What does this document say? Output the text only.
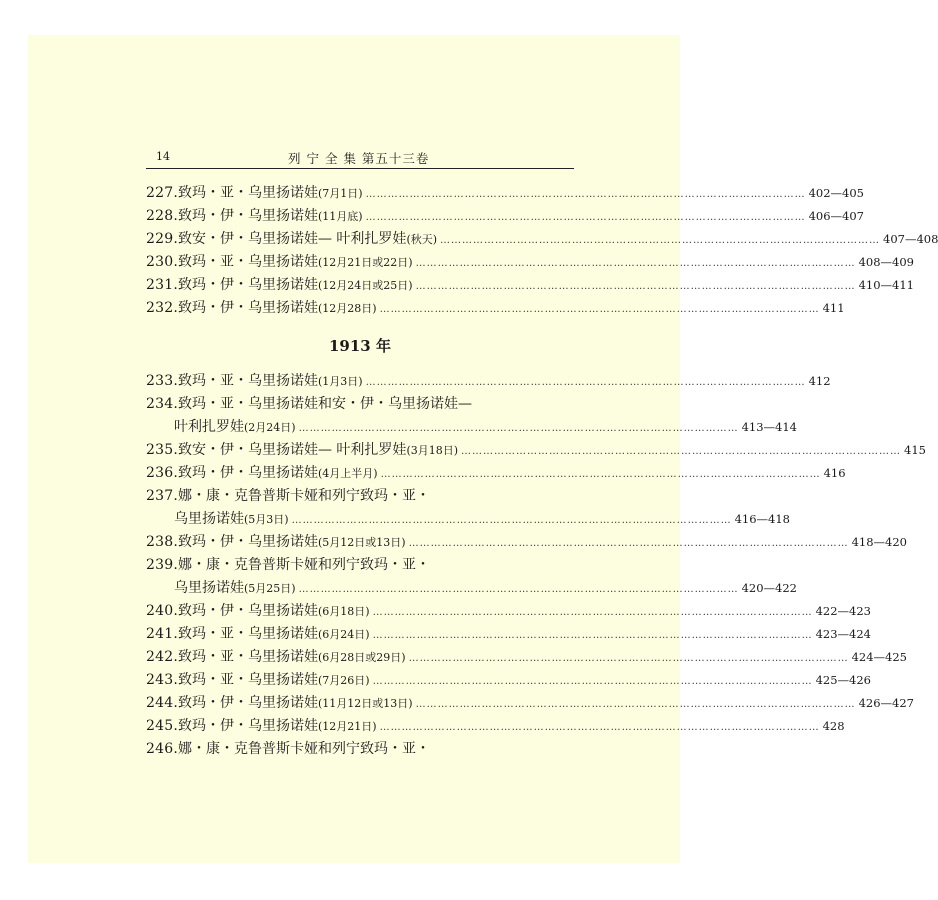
14	列 宁 全 集 第五十三卷
227. 致玛・亚・乌里扬诺娃 (7月1日) ………………………………………………………………………………………………………… 402—405
228. 致玛・伊・乌里扬诺娃 (11月底) ………………………………………………………………………………………………………… 406—407
229. 致安・伊・乌里扬诺娃— 叶利扎罗娃 (秋天) ………………………………………………………………………………………………………… 407—408
230. 致玛・亚・乌里扬诺娃 (12月21日或22日) ………………………………………………………………………………………………………… 408—409
231. 致玛・伊・乌里扬诺娃 (12月24日或25日) ………………………………………………………………………………………………………… 410—411
232. 致玛・伊・乌里扬诺娃 (12月28日) ………………………………………………………………………………………………………… 411
1913 年
233. 致玛・亚・乌里扬诺娃 (1月3日) ………………………………………………………………………………………………………… 412
234. 致玛・亚・乌里扬诺娃和安・伊・乌里扬诺娃—
叶利扎罗娃 (2月24日) ………………………………………………………………………………………………………… 413—414
235. 致安・伊・乌里扬诺娃— 叶利扎罗娃 (3月18日) ………………………………………………………………………………………………………… 415
236. 致玛・伊・乌里扬诺娃 (4月上半月) ………………………………………………………………………………………………………… 416
237. 娜・康・克鲁普斯卡娅和列宁致玛・亚・
乌里扬诺娃 (5月3日) ………………………………………………………………………………………………………… 416—418
238. 致玛・伊・乌里扬诺娃 (5月12日或13日) ………………………………………………………………………………………………………… 418—420
239. 娜・康・克鲁普斯卡娅和列宁致玛・亚・
乌里扬诺娃 (5月25日) ………………………………………………………………………………………………………… 420—422
240. 致玛・伊・乌里扬诺娃 (6月18日) ………………………………………………………………………………………………………… 422—423
241. 致玛・亚・乌里扬诺娃 (6月24日) ………………………………………………………………………………………………………… 423—424
242. 致玛・亚・乌里扬诺娃 (6月28日或29日) ………………………………………………………………………………………………………… 424—425
243. 致玛・亚・乌里扬诺娃 (7月26日) ………………………………………………………………………………………………………… 425—426
244. 致玛・伊・乌里扬诺娃 (11月12日或13日) ………………………………………………………………………………………………………… 426—427
245. 致玛・伊・乌里扬诺娃 (12月21日) ………………………………………………………………………………………………………… 428
246. 娜・康・克鲁普斯卡娅和列宁致玛・亚・
